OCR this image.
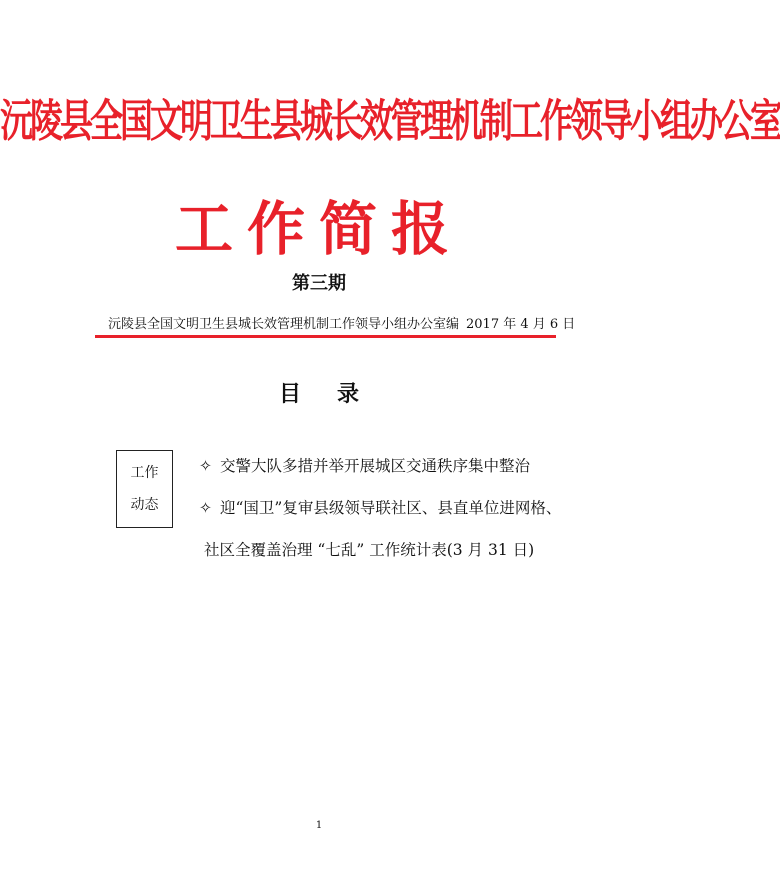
沅陵县全国文明卫生县城长效管理机制工作领导小组办公室
工作简报
第三期
沅陵县全国文明卫生县城长效管理机制工作领导小组办公室编 2017 年 4 月 6 日
目录
工作
动态
✧ 交警大队多措并举开展城区交通秩序集中整治
✧ 迎“国卫”复审县级领导联社区、县直单位进网格、
社区全覆盖治理 “七乱” 工作统计表(3 月 31 日)
1
